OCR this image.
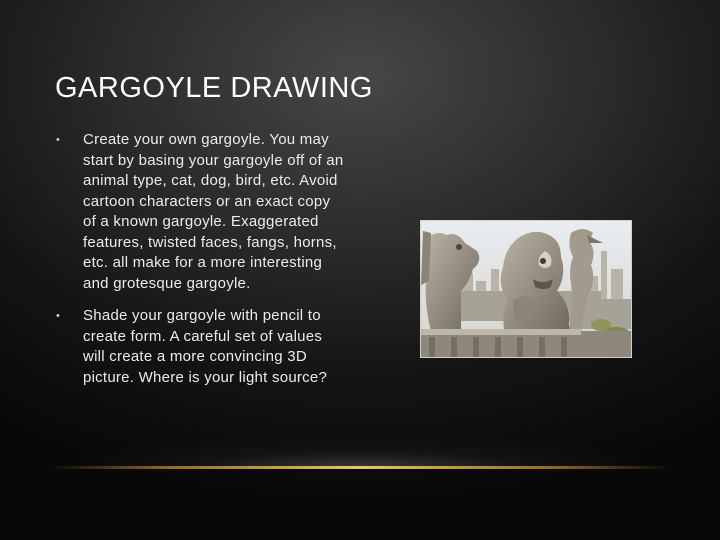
GARGOYLE DRAWING
• Create your own gargoyle. You may start by basing your gargoyle off of an animal type, cat, dog, bird, etc. Avoid cartoon characters or an exact copy of a known gargoyle. Exaggerated features, twisted faces, fangs, horns, etc. all make for a more interesting and grotesque gargoyle.
• Shade your gargoyle with pencil to create form. A careful set of values will create a more convincing 3D picture. Where is your light source?
